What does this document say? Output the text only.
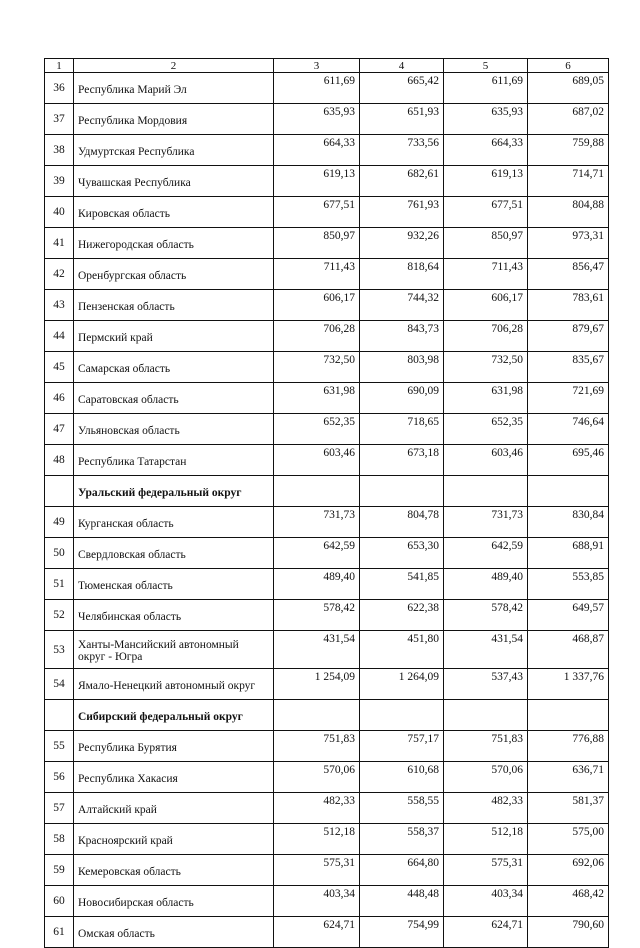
1	2	3	4	5	6
36	Республика Марий Эл	611,69	665,42	611,69	689,05
37	Республика Мордовия	635,93	651,93	635,93	687,02
38	Удмуртская Республика	664,33	733,56	664,33	759,88
39	Чувашская Республика	619,13	682,61	619,13	714,71
40	Кировская область	677,51	761,93	677,51	804,88
41	Нижегородская область	850,97	932,26	850,97	973,31
42	Оренбургская область	711,43	818,64	711,43	856,47
43	Пензенская область	606,17	744,32	606,17	783,61
44	Пермский край	706,28	843,73	706,28	879,67
45	Самарская область	732,50	803,98	732,50	835,67
46	Саратовская область	631,98	690,09	631,98	721,69
47	Ульяновская область	652,35	718,65	652,35	746,64
48	Республика Татарстан	603,46	673,18	603,46	695,46
	Уральский федеральный округ				
49	Курганская область	731,73	804,78	731,73	830,84
50	Свердловская область	642,59	653,30	642,59	688,91
51	Тюменская область	489,40	541,85	489,40	553,85
52	Челябинская область	578,42	622,38	578,42	649,57
53	Ханты-Мансийский автономный округ - Югра	431,54	451,80	431,54	468,87
54	Ямало-Ненецкий автономный округ	1 254,09	1 264,09	537,43	1 337,76
	Сибирский федеральный округ				
55	Республика Бурятия	751,83	757,17	751,83	776,88
56	Республика Хакасия	570,06	610,68	570,06	636,71
57	Алтайский край	482,33	558,55	482,33	581,37
58	Красноярский край	512,18	558,37	512,18	575,00
59	Кемеровская область	575,31	664,80	575,31	692,06
60	Новосибирская область	403,34	448,48	403,34	468,42
61	Омская область	624,71	754,99	624,71	790,60
